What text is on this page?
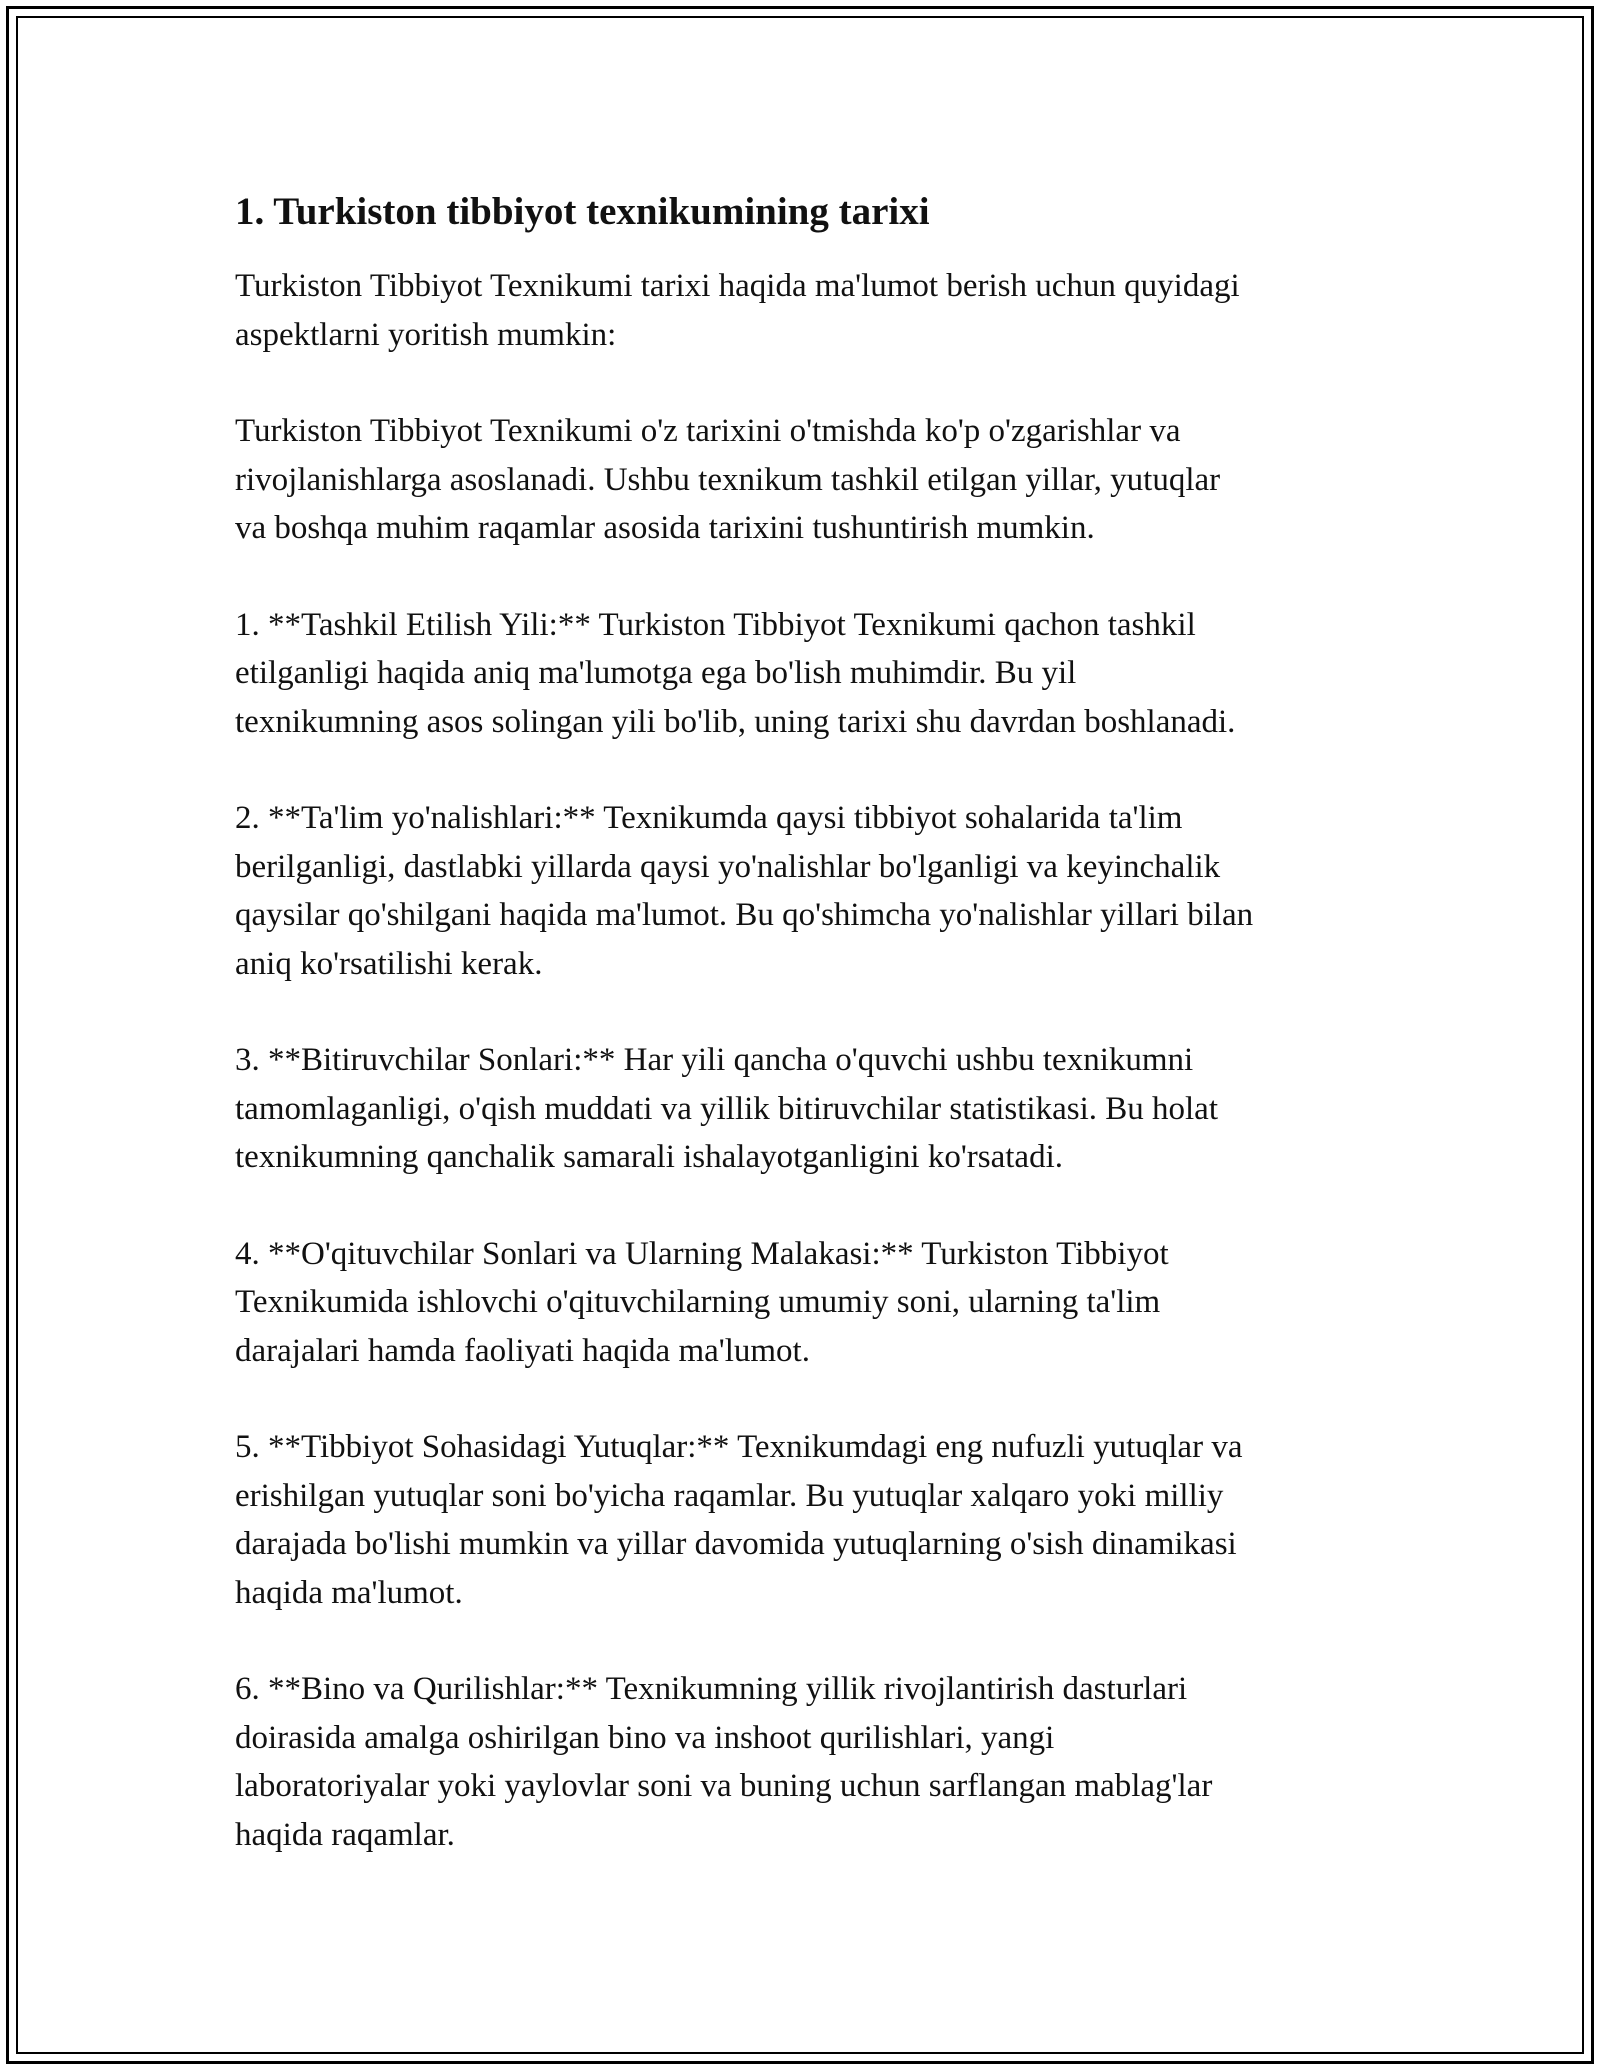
1. Turkiston tibbiyot texnikumining tarixi

Turkiston Tibbiyot Texnikumi tarixi haqida ma'lumot berish uchun quyidagi
aspektlarni yoritish mumkin:

Turkiston Tibbiyot Texnikumi o'z tarixini o'tmishda ko'p o'zgarishlar va
rivojlanishlarga asoslanadi. Ushbu texnikum tashkil etilgan yillar, yutuqlar
va boshqa muhim raqamlar asosida tarixini tushuntirish mumkin.

1. **Tashkil Etilish Yili:** Turkiston Tibbiyot Texnikumi qachon tashkil
etilganligi haqida aniq ma'lumotga ega bo'lish muhimdir. Bu yil
texnikumning asos solingan yili bo'lib, uning tarixi shu davrdan boshlanadi.

2. **Ta'lim yo'nalishlari:** Texnikumda qaysi tibbiyot sohalarida ta'lim
berilganligi, dastlabki yillarda qaysi yo'nalishlar bo'lganligi va keyinchalik
qaysilar qo'shilgani haqida ma'lumot. Bu qo'shimcha yo'nalishlar yillari bilan
aniq ko'rsatilishi kerak.

3. **Bitiruvchilar Sonlari:** Har yili qancha o'quvchi ushbu texnikumni
tamomlaganligi, o'qish muddati va yillik bitiruvchilar statistikasi. Bu holat
texnikumning qanchalik samarali ishalayotganligini ko'rsatadi.

4. **O'qituvchilar Sonlari va Ularning Malakasi:** Turkiston Tibbiyot
Texnikumida ishlovchi o'qituvchilarning umumiy soni, ularning ta'lim
darajalari hamda faoliyati haqida ma'lumot.

5. **Tibbiyot Sohasidagi Yutuqlar:** Texnikumdagi eng nufuzli yutuqlar va
erishilgan yutuqlar soni bo'yicha raqamlar. Bu yutuqlar xalqaro yoki milliy
darajada bo'lishi mumkin va yillar davomida yutuqlarning o'sish dinamikasi
haqida ma'lumot.

6. **Bino va Qurilishlar:** Texnikumning yillik rivojlantirish dasturlari
doirasida amalga oshirilgan bino va inshoot qurilishlari, yangi
laboratoriyalar yoki yaylovlar soni va buning uchun sarflangan mablag'lar
haqida raqamlar.
